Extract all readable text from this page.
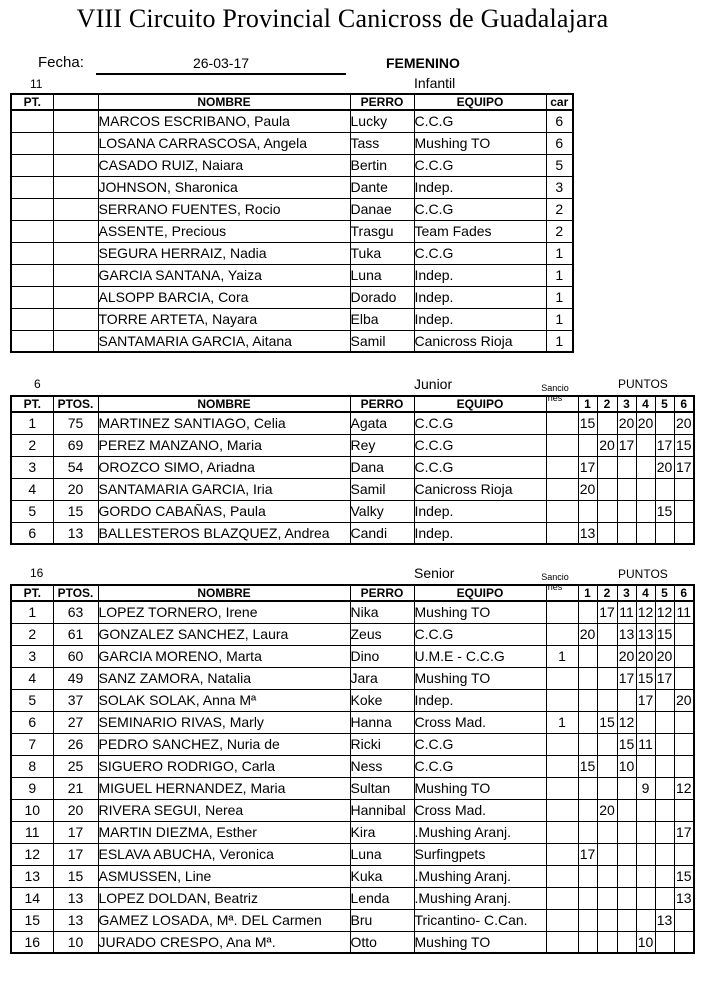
VIII Circuito Provincial Canicross de Guadalajara
Fecha:	26-03-17	FEMENINO
11	Infantil
PT.		NOMBRE	PERRO	EQUIPO	car
		MARCOS ESCRIBANO, Paula	Lucky	C.C.G	6
		LOSANA CARRASCOSA, Angela	Tass	Mushing TO	6
		CASADO RUIZ, Naiara	Bertin	C.C.G	5
		JOHNSON, Sharonica	Dante	Indep.	3
		SERRANO FUENTES, Rocio	Danae	C.C.G	2
		ASSENTE, Precious	Trasgu	Team Fades	2
		SEGURA HERRAIZ, Nadia	Tuka	C.C.G	1
		GARCIA SANTANA, Yaiza	Luna	Indep.	1
		ALSOPP BARCIA, Cora	Dorado	Indep.	1
		TORRE ARTETA, Nayara	Elba	Indep.	1
		SANTAMARIA GARCIA, Aitana	Samil	Canicross Rioja	1
6	Junior	Sancio nes
PUNTOS
PT.	PTOS.	NOMBRE	PERRO	EQUIPO		1	2	3	4	5	6
1	75	MARTINEZ SANTIAGO, Celia	Agata	C.C.G		15		20	20		20
2	69	PEREZ MANZANO, Maria	Rey	C.C.G			20	17		17	15
3	54	OROZCO SIMO, Ariadna	Dana	C.C.G		17				20	17
4	20	SANTAMARIA GARCIA, Iria	Samil	Canicross Rioja		20					
5	15	GORDO CABAÑAS, Paula	Valky	Indep.						15	
6	13	BALLESTEROS BLAZQUEZ, Andrea	Candi	Indep.		13					
16	Senior	Sancio nes
PUNTOS
PT.	PTOS.	NOMBRE	PERRO	EQUIPO		1	2	3	4	5	6
1	63	LOPEZ TORNERO, Irene	Nika	Mushing TO			17	11	12	12	11
2	61	GONZALEZ SANCHEZ, Laura	Zeus	C.C.G		20		13	13	15	
3	60	GARCIA MORENO, Marta	Dino	U.M.E - C.C.G	1			20	20	20	
4	49	SANZ ZAMORA, Natalia	Jara	Mushing TO				17	15	17	
5	37	SOLAK SOLAK, Anna Mª	Koke	Indep.					17		20
6	27	SEMINARIO RIVAS, Marly	Hanna	Cross Mad.	1		15	12			
7	26	PEDRO SANCHEZ, Nuria de	Ricki	C.C.G				15	11		
8	25	SIGUERO RODRIGO, Carla	Ness	C.C.G		15		10			
9	21	MIGUEL HERNANDEZ, Maria	Sultan	Mushing TO					9		12
10	20	RIVERA SEGUI, Nerea	Hannibal	Cross Mad.			20				
11	17	MARTIN DIEZMA, Esther	Kira	.Mushing Aranj.							17
12	17	ESLAVA ABUCHA, Veronica	Luna	Surfingpets		17					
13	15	ASMUSSEN, Line	Kuka	.Mushing Aranj.							15
14	13	LOPEZ DOLDAN, Beatriz	Lenda	.Mushing Aranj.							13
15	13	GAMEZ LOSADA, Mª. DEL Carmen	Bru	Tricantino- C.Can.						13	
16	10	JURADO CRESPO, Ana Mª.	Otto	Mushing TO					10		
